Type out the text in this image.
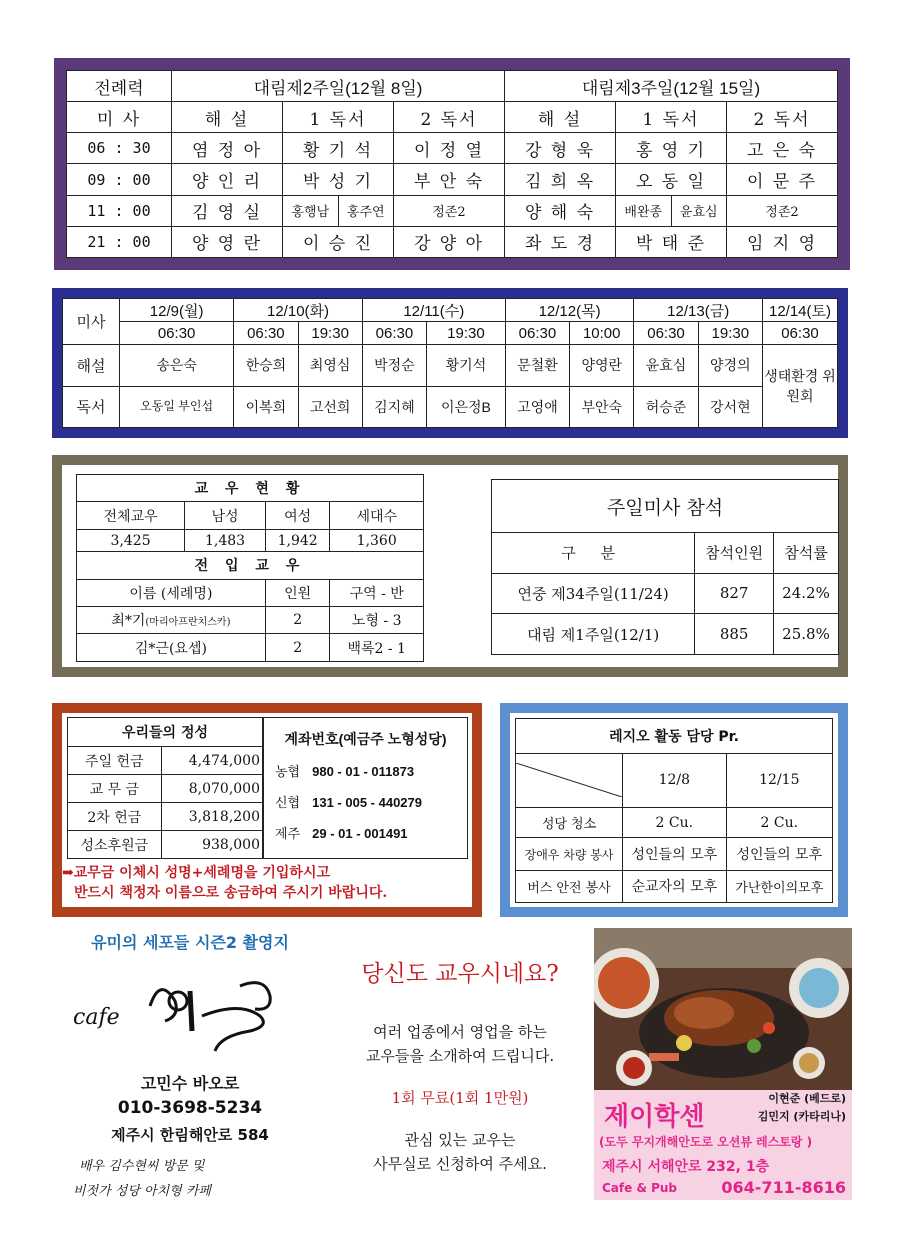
전례력	대림제2주일(12월 8일)				대림제3주일(12월 15일)			
미 사	해 설	1 독서		2 독서	해 설	1 독서		2 독서
06 : 30	염 정 아	황 기 석		이 정 열	강 형 욱	홍 영 기		고 은 숙
09 : 00	양 인 리	박 성 기		부 안 숙	김 희 옥	오 동 일		이 문 주
11 : 00	김 영 실	홍행남	홍주연	정존2	양 해 숙	배완종	윤효심	정존2
21 : 00	양 영 란	이 승 진		강 양 아	좌 도 경	박 태 준		임 지 영
미사	12/9(월)	12/10(화)		12/11(수)		12/12(목)		12/13(금)		12/14(토)
	06:30	06:30	19:30	06:30	19:30	06:30	10:00	06:30	19:30	06:30
해설	송은숙	한승희	최영심	박정순	황기석	문철환	양영란	윤효심	양경의	생태환경 위원회
독서	오동일 부인섭	이복희	고선희	김지혜	이은정B	고영애	부안숙	허승준	강서현	
교 우 현 황			
전체교우	남성	여성	세대수
3,425	1,483	1,942	1,360
전 입 교 우			
이름 (세례명)		인원	구역 - 반
최*기(마리아프란치스카)		2	노형 - 3
김*근(요셉)		2	백록2 - 1
주일미사 참석		
구 분	참석인원	참석률
연중 제34주일(11/24)	827	24.2%
대림 제1주일(12/1)	885	25.8%
우리들의 정성	
주일 헌금	4,474,000
교 무 금	8,070,000
2차 헌금	3,818,200
성소후원금	938,000
계좌번호(예금주 노형성당)
농협 980 - 01 - 011873
신협 131 - 005 - 440279
제주 29 - 01 - 001491
➡교무금 이체시 성명+세례명을 기입하시고
반드시 책정자 이름으로 송금하여 주시기 바랍니다.
레지오 활동 담당 Pr.		

	12/8	12/15
성당 청소	2 Cu.	2 Cu.
장애우 차량 봉사	성인들의 모후	성인들의 모후
버스 안전 봉사	순교자의 모후	가난한이의모후
유미의 세포들 시즌2 촬영지
cafe
고민수 바오로
010-3698-5234
제주시 한림해안로 584
배우 김수현씨 방문 및
비젓가 성당 아치형 카페
당신도 교우시네요?

여러 업종에서 영업을 하는

교우들을 소개하여 드립니다.

1회 무료(1회 1만원)

관심 있는 교우는

사무실로 신청하여 주세요.

이현준 (베드로)
김민지 (카타리나)
제이학센
(도두 무지개해안도로 오션뷰 레스토랑 )
제주시 서해안로 232, 1층
Cafe & Pub	064-711-8616
